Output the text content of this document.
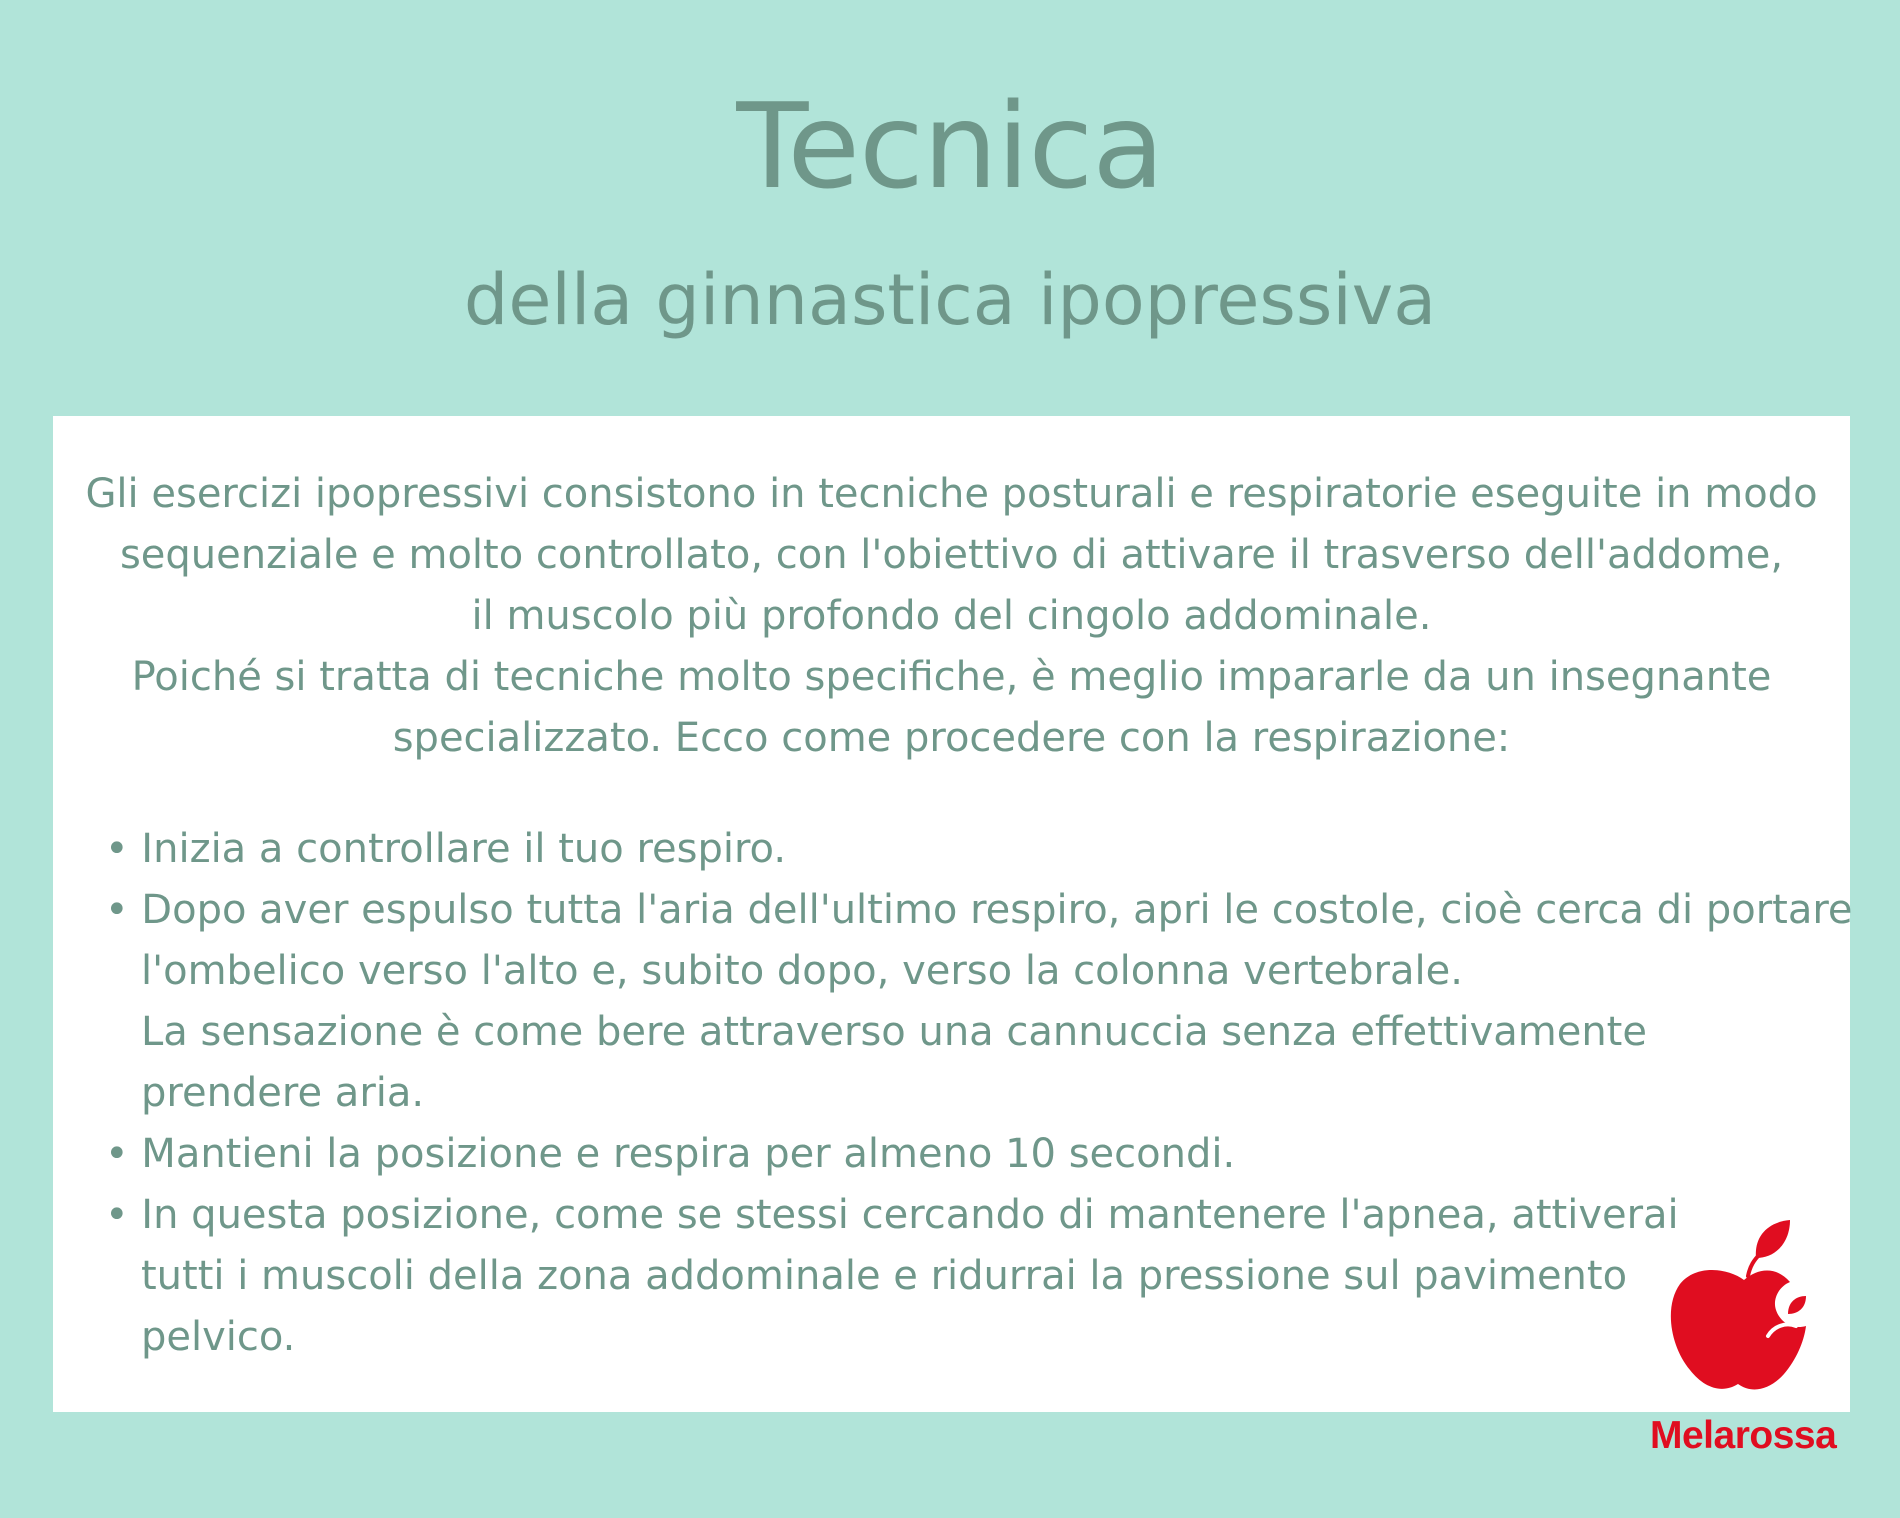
Tecnica
della ginnastica ipopressiva
Gli esercizi ipopressivi consistono in tecniche posturali e respiratorie eseguite in modo
sequenziale e molto controllato, con l'obiettivo di attivare il trasverso dell'addome,
il muscolo più profondo del cingolo addominale.
Poiché si tratta di tecniche molto specifiche, è meglio impararle da un insegnante
specializzato. Ecco come procedere con la respirazione:
• Inizia a controllare il tuo respiro.
• Dopo aver espulso tutta l'aria dell'ultimo respiro, apri le costole, cioè cerca di portare
l'ombelico verso l'alto e, subito dopo, verso la colonna vertebrale.
La sensazione è come bere attraverso una cannuccia senza effettivamente
prendere aria.
• Mantieni la posizione e respira per almeno 10 secondi.
• In questa posizione, come se stessi cercando di mantenere l'apnea, attiverai
tutti i muscoli della zona addominale e ridurrai la pressione sul pavimento
pelvico.
Melarossa
